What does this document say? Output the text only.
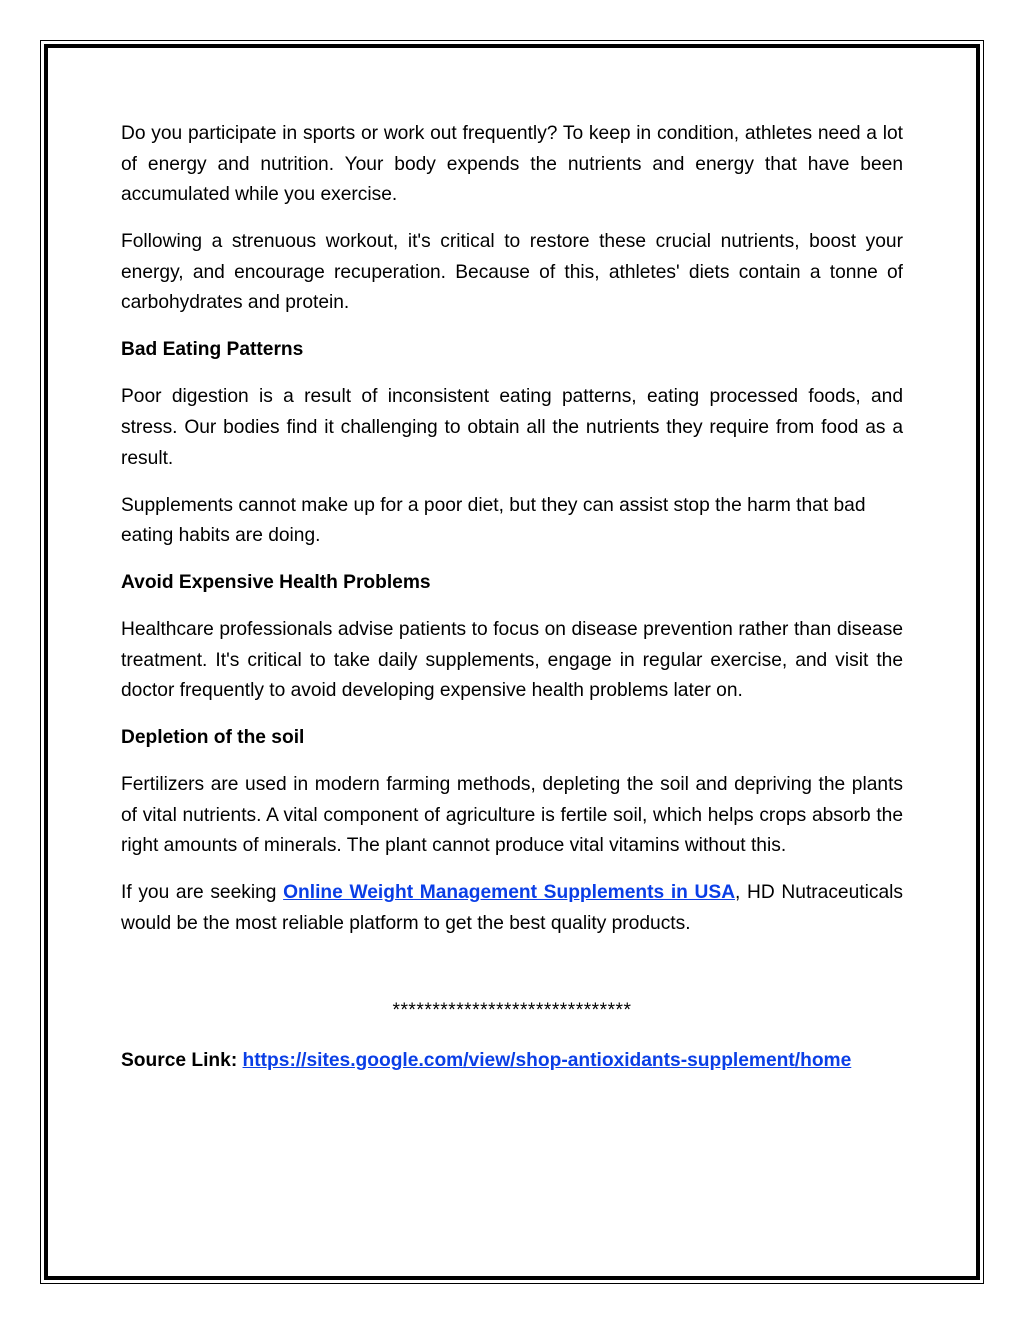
Do you participate in sports or work out frequently? To keep in condition, athletes need a lot of energy and nutrition. Your body expends the nutrients and energy that have been accumulated while you exercise.

Following a strenuous workout, it's critical to restore these crucial nutrients, boost your energy, and encourage recuperation. Because of this, athletes' diets contain a tonne of carbohydrates and protein.

Bad Eating Patterns

Poor digestion is a result of inconsistent eating patterns, eating processed foods, and stress. Our bodies find it challenging to obtain all the nutrients they require from food as a result.

Supplements cannot make up for a poor diet, but they can assist stop the harm that bad eating habits are doing.

Avoid Expensive Health Problems

Healthcare professionals advise patients to focus on disease prevention rather than disease treatment. It's critical to take daily supplements, engage in regular exercise, and visit the doctor frequently to avoid developing expensive health problems later on.

Depletion of the soil

Fertilizers are used in modern farming methods, depleting the soil and depriving the plants of vital nutrients. A vital component of agriculture is fertile soil, which helps crops absorb the right amounts of minerals. The plant cannot produce vital vitamins without this.

If you are seeking Online Weight Management Supplements in USA, HD Nutraceuticals would be the most reliable platform to get the best quality products.

******************************

Source Link: https://sites.google.com/view/shop-antioxidants-supplement/home
